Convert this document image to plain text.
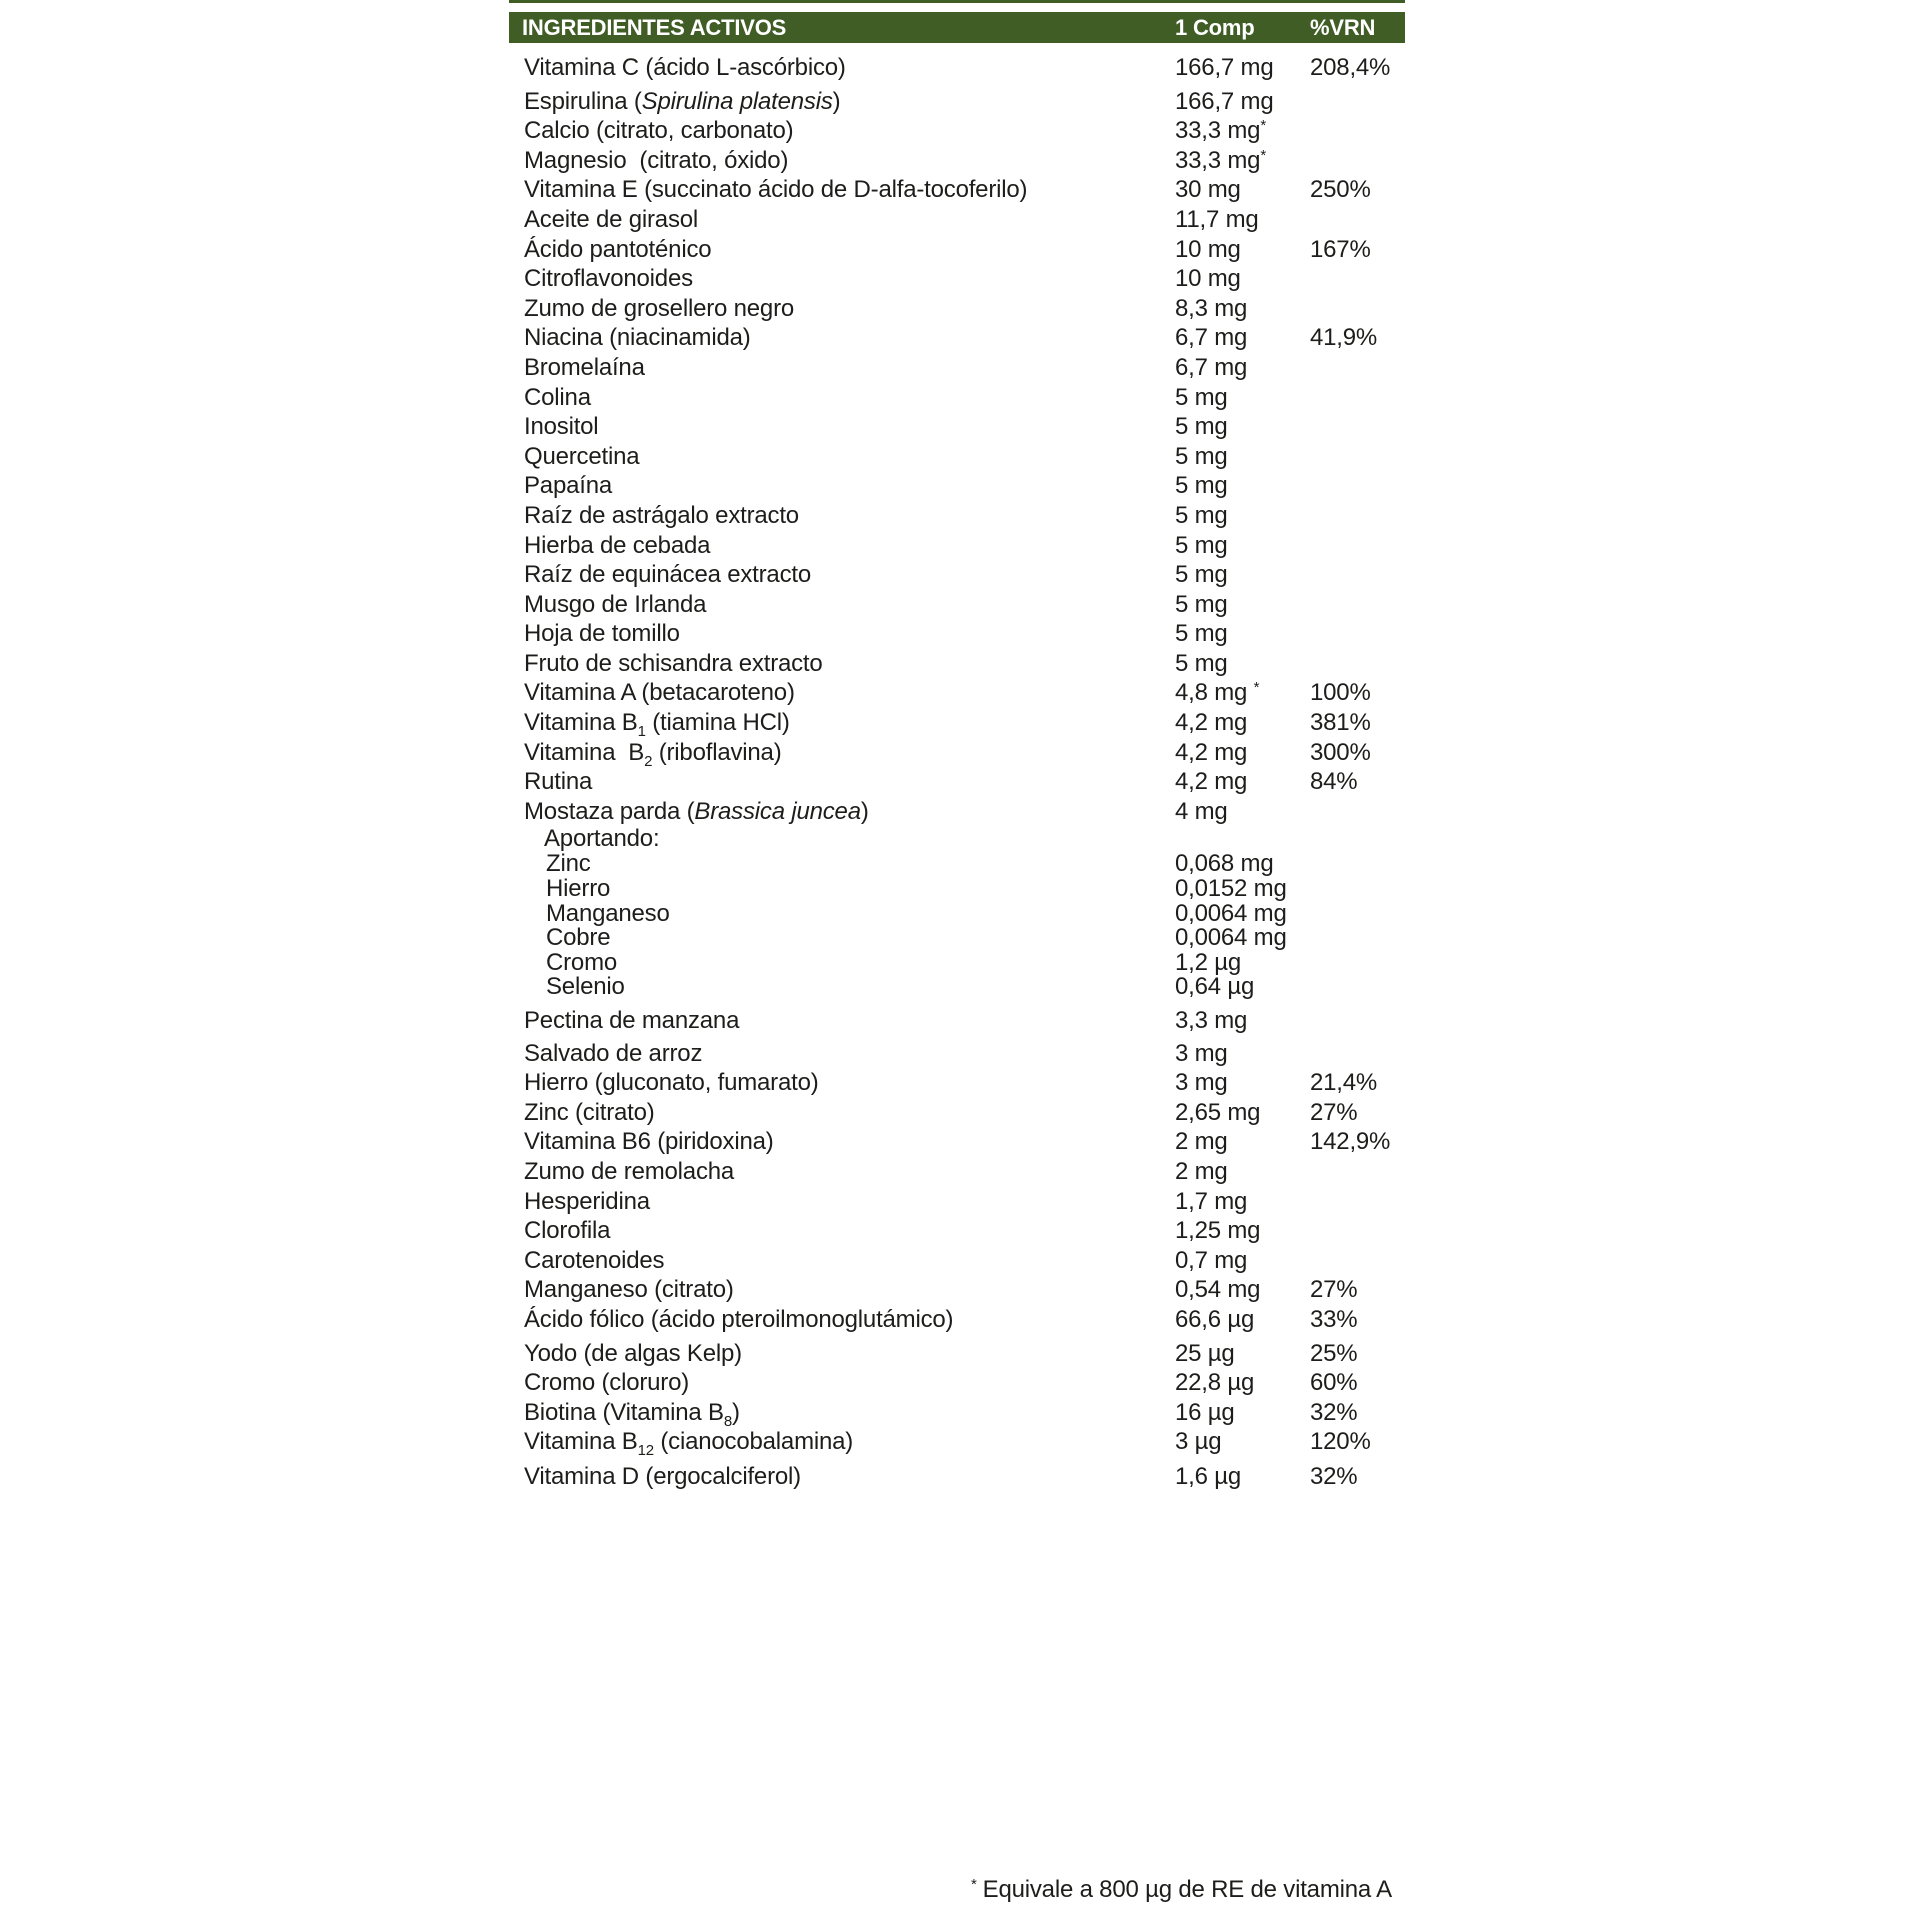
INGREDIENTES ACTIVOS	1 Comp	%VRN
Vitamina C (ácido L-ascórbico)	166,7 mg	208,4%
Espirulina (Spirulina platensis)	166,7 mg
Calcio (citrato, carbonato)	33,3 mg*
Magnesio  (citrato, óxido)	33,3 mg*
Vitamina E (succinato ácido de D-alfa-tocoferilo)	30 mg	250%
Aceite de girasol	11,7 mg
Ácido pantoténico	10 mg	167%
Citroflavonoides	10 mg
Zumo de grosellero negro	8,3 mg
Niacina (niacinamida)	6,7 mg	41,9%
Bromelaína	6,7 mg
Colina	5 mg
Inositol	5 mg
Quercetina	5 mg
Papaína	5 mg
Raíz de astrágalo extracto	5 mg
Hierba de cebada	5 mg
Raíz de equinácea extracto	5 mg
Musgo de Irlanda	5 mg
Hoja de tomillo	5 mg
Fruto de schisandra extracto	5 mg
Vitamina A (betacaroteno)	4,8 mg *	100%
Vitamina $B_1$ (tiamina HCl)	4,2 mg	381%
Vitamina  $B_2$ (riboflavina)	4,2 mg	300%
Rutina	4,2 mg	84%
Mostaza parda (Brassica juncea)	4 mg
Aportando:
Zinc	0,068 mg
Hierro	0,0152 mg
Manganeso	0,0064 mg
Cobre	0,0064 mg
Cromo	1,2 µg
Selenio	0,64 µg
Pectina de manzana	3,3 mg
Salvado de arroz	3 mg
Hierro (gluconato, fumarato)	3 mg	21,4%
Zinc (citrato)	2,65 mg	27%
Vitamina B6 (piridoxina)	2 mg	142,9%
Zumo de remolacha	2 mg
Hesperidina	1,7 mg
Clorofila	1,25 mg
Carotenoides	0,7 mg
Manganeso (citrato)	0,54 mg	27%
Ácido fólico (ácido pteroilmonoglutámico)	66,6 µg	33%
Yodo (de algas Kelp)	25 µg	25%
Cromo (cloruro)	22,8 µg	60%
Biotina (Vitamina $B_8$)	16 µg	32%
Vitamina $B_{12}$ (cianocobalamina)	3 µg	120%
Vitamina D (ergocalciferol)	1,6 µg	32%
* Equivale a 800 µg de RE de vitamina A
